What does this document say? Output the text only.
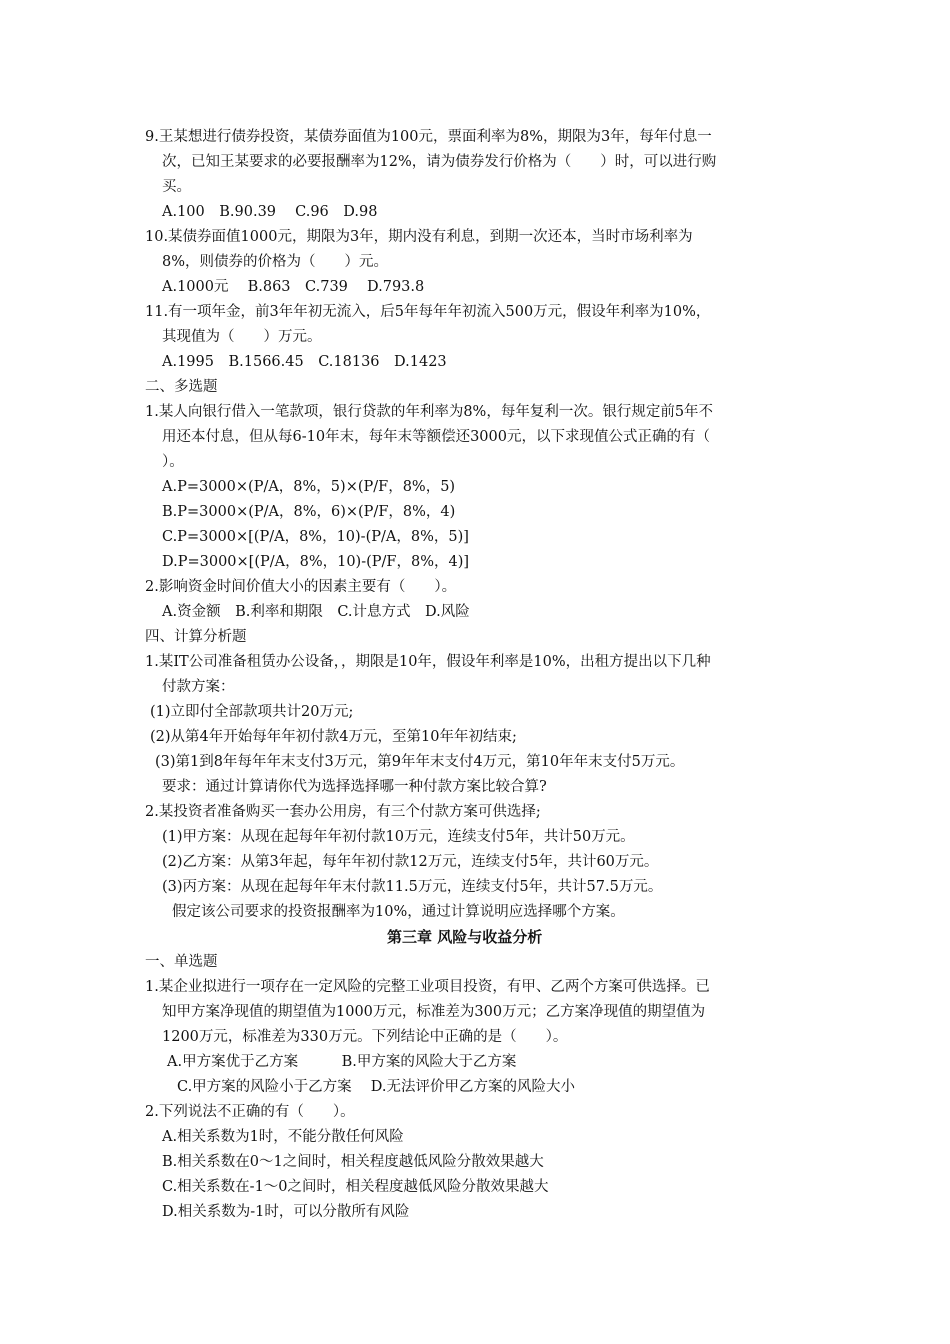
9.王某想进行债券投资，某债券面值为100元，票面利率为8%，期限为3年，每年付息一
次，已知王某要求的必要报酬率为12%，请为债券发行价格为（　　）时，可以进行购
买。
A.100　B.90.39　 C.96　D.98
10.某债券面值1000元，期限为3年，期内没有利息，到期一次还本，当时市场利率为
8%，则债券的价格为（　　）元。
A.1000元　 B.863　C.739　 D.793.8
11.有一项年金，前3年年初无流入，后5年每年年初流入500万元，假设年利率为10%，
其现值为（　　）万元。
A.1995　B.1566.45　C.18136　D.1423
二、多选题
1.某人向银行借入一笔款项，银行贷款的年利率为8%，每年复利一次。银行规定前5年不
用还本付息，但从每6-10年末，每年末等额偿还3000元，以下求现值公式正确的有（
）。
A.P=3000×(P/A，8%，5)×(P/F，8%，5)
B.P=3000×(P/A，8%，6)×(P/F，8%，4)
C.P=3000×[(P/A，8%，10)-(P/A，8%，5)]
D.P=3000×[(P/A，8%，10)-(P/F，8%，4)]
2.影响资金时间价值大小的因素主要有（　　）。
A.资金额　B.利率和期限　C.计息方式　D.风险
四、计算分析题
1.某IT公司准备租赁办公设备，，期限是10年，假设年利率是10%，出租方提出以下几种
付款方案：
(1)立即付全部款项共计20万元;
(2)从第4年开始每年年初付款4万元，至第10年年初结束;
(3)第1到8年每年年末支付3万元，第9年年末支付4万元，第10年年末支付5万元。
要求：通过计算请你代为选择选择哪一种付款方案比较合算?
2.某投资者准备购买一套办公用房，有三个付款方案可供选择;
(1)甲方案：从现在起每年年初付款10万元，连续支付5年，共计50万元。
(2)乙方案：从第3年起，每年年初付款12万元，连续支付5年，共计60万元。
(3)丙方案：从现在起每年年末付款11.5万元，连续支付5年，共计57.5万元。
假定该公司要求的投资报酬率为10%，通过计算说明应选择哪个方案。
第三章 风险与收益分析
一、单选题
1.某企业拟进行一项存在一定风险的完整工业项目投资，有甲、乙两个方案可供选择。已
知甲方案净现值的期望值为1000万元，标准差为300万元；乙方案净现值的期望值为
1200万元，标准差为330万元。下列结论中正确的是（　　）。
A.甲方案优于乙方案　　　B.甲方案的风险大于乙方案
C.甲方案的风险小于乙方案　 D.无法评价甲乙方案的风险大小
2.下列说法不正确的有（　　）。
A.相关系数为1时，不能分散任何风险
B.相关系数在0～1之间时，相关程度越低风险分散效果越大
C.相关系数在-1～0之间时，相关程度越低风险分散效果越大
D.相关系数为-1时，可以分散所有风险
